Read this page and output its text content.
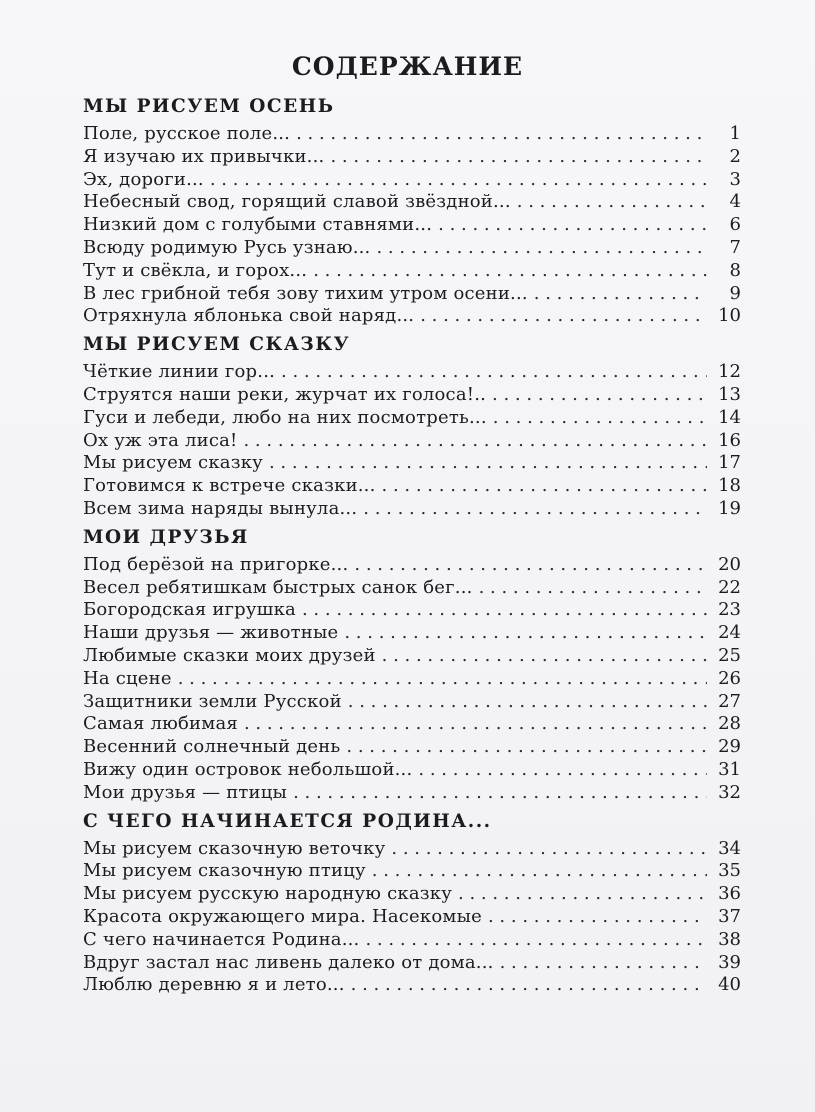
СОДЕРЖАНИЕ
МЫ РИСУЕМ ОСЕНЬ
Поле, русское поле... . . .	1
Я изучаю их привычки... . . .	2
Эх, дороги... . . .	3
Небесный свод, горящий славой звёздной... . . .	4
Низкий дом с голубыми ставнями... . . .	6
Всюду родимую Русь узнаю... . . .	7
Тут и свёкла, и горох... . . .	8
В лес грибной тебя зову тихим утром осени... . . .	9
Отряхнула яблонька свой наряд... . . .	10
МЫ РИСУЕМ СКАЗКУ
Чёткие линии гор... . . .	12
Струятся наши реки, журчат их голоса!.. . . .	13
Гуси и лебеди, любо на них посмотреть... . . .	14
Ох уж эта лиса! . . .	16
Мы рисуем сказку . . .	17
Готовимся к встрече сказки... . . .	18
Всем зима наряды вынула... . . .	19
МОИ ДРУЗЬЯ
Под берёзой на пригорке... . . .	20
Весел ребятишкам быстрых санок бег... . . .	22
Богородская игрушка . . .	23
Наши друзья — животные . . .	24
Любимые сказки моих друзей . . .	25
На сцене . . .	26
Защитники земли Русской . . .	27
Самая любимая . . .	28
Весенний солнечный день . . .	29
Вижу один островок небольшой... . . .	31
Мои друзья — птицы . . .	32
С ЧЕГО НАЧИНАЕТСЯ РОДИНА...
Мы рисуем сказочную веточку . . .	34
Мы рисуем сказочную птицу . . .	35
Мы рисуем русскую народную сказку . . .	36
Красота окружающего мира. Насекомые . . .	37
С чего начинается Родина... . . .	38
Вдруг застал нас ливень далеко от дома... . . .	39
Люблю деревню я и лето... . . .	40
